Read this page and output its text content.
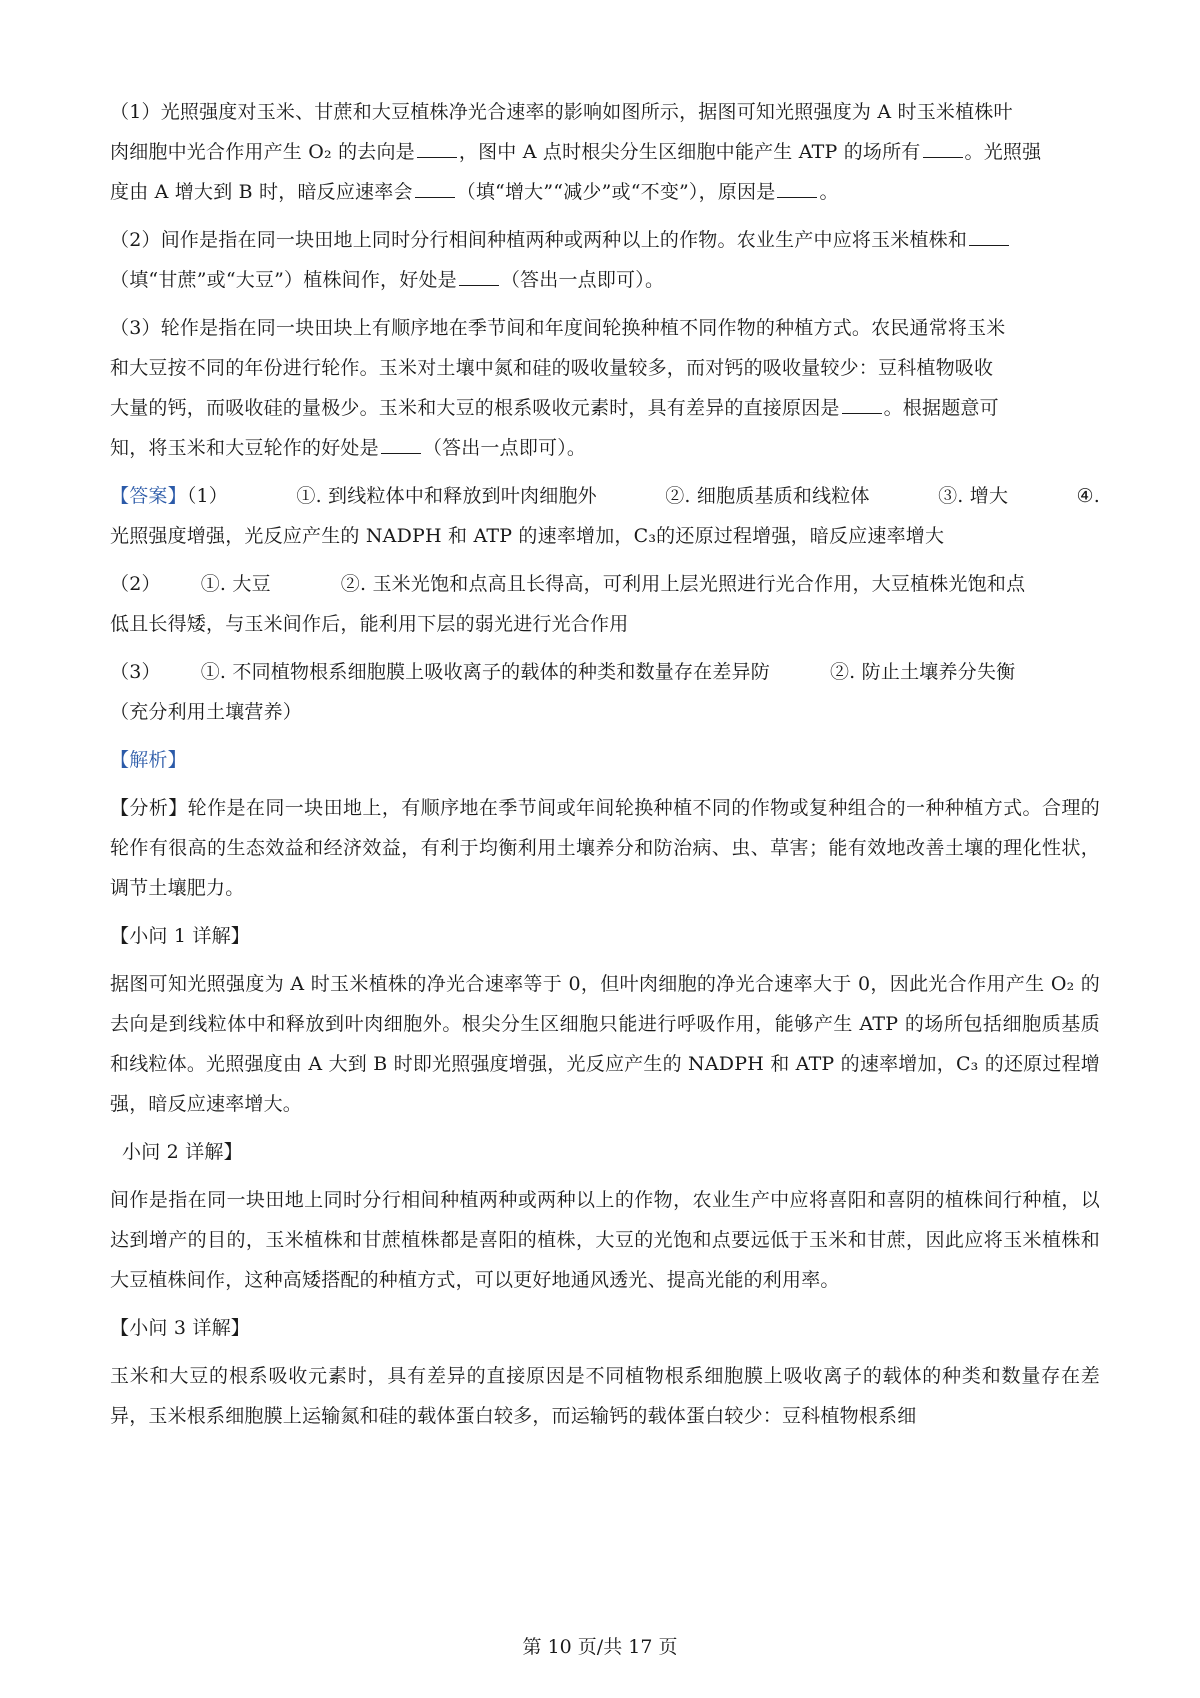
（1）光照强度对玉米、甘蔗和大豆植株净光合速率的影响如图所示，据图可知光照强度为 A 时玉米植株叶
肉细胞中光合作用产生 O₂ 的去向是 ，图中 A 点时根尖分生区细胞中能产生 ATP 的场所有 。光照强
度由 A 增大到 B 时，暗反应速率会 （填“增大”“减少”或“不变”），原因是 。
（2）间作是指在同一块田地上同时分行相间种植两种或两种以上的作物。农业生产中应将玉米植株和
（填“甘蔗”或“大豆”）植株间作，好处是 （答出一点即可）。
（3）轮作是指在同一块田块上有顺序地在季节间和年度间轮换种植不同作物的种植方式。农民通常将玉米
和大豆按不同的年份进行轮作。玉米对土壤中氮和硅的吸收量较多，而对钙的吸收量较少：豆科植物吸收
大量的钙，而吸收硅的量极少。玉米和大豆的根系吸收元素时，具有差异的直接原因是 。根据题意可
知，将玉米和大豆轮作的好处是 （答出一点即可）。
【答案】（1）	①. 到线粒体中和释放到叶肉细胞外	②. 细胞质基质和线粒体	③. 增大	④.
光照强度增强，光反应产生的 NADPH 和 ATP 的速率增加，C₃的还原过程增强，暗反应速率增大
（2） ①. 大豆	②. 玉米光饱和点高且长得高，可利用上层光照进行光合作用，大豆植株光饱和点
低且长得矮，与玉米间作后，能利用下层的弱光进行光合作用
（3） ①. 不同植物根系细胞膜上吸收离子的载体的种类和数量存在差异防	②. 防止土壤养分失衡
（充分利用土壤营养）
【解析】
【分析】轮作是在同一块田地上，有顺序地在季节间或年间轮换种植不同的作物或复种组合的一种种植方式。合理的轮作有很高的生态效益和经济效益，有利于均衡利用土壤养分和防治病、虫、草害；能有效地改善土壤的理化性状，调节土壤肥力。
【小问 1 详解】
据图可知光照强度为 A 时玉米植株的净光合速率等于 0，但叶肉细胞的净光合速率大于 0，因此光合作用产生 O₂ 的去向是到线粒体中和释放到叶肉细胞外。根尖分生区细胞只能进行呼吸作用，能够产生 ATP 的场所包括细胞质基质和线粒体。光照强度由 A 大到 B 时即光照强度增强，光反应产生的 NADPH 和 ATP 的速率增加，C₃ 的还原过程增强，暗反应速率增大。
小问 2 详解】
间作是指在同一块田地上同时分行相间种植两种或两种以上的作物，农业生产中应将喜阳和喜阴的植株间行种植，以达到增产的目的，玉米植株和甘蔗植株都是喜阳的植株，大豆的光饱和点要远低于玉米和甘蔗，因此应将玉米植株和大豆植株间作，这种高矮搭配的种植方式，可以更好地通风透光、提高光能的利用率。
【小问 3 详解】
玉米和大豆的根系吸收元素时，具有差异的直接原因是不同植物根系细胞膜上吸收离子的载体的种类和数量存在差异，玉米根系细胞膜上运输氮和硅的载体蛋白较多，而运输钙的载体蛋白较少：豆科植物根系细
第 10 页/共 17 页
